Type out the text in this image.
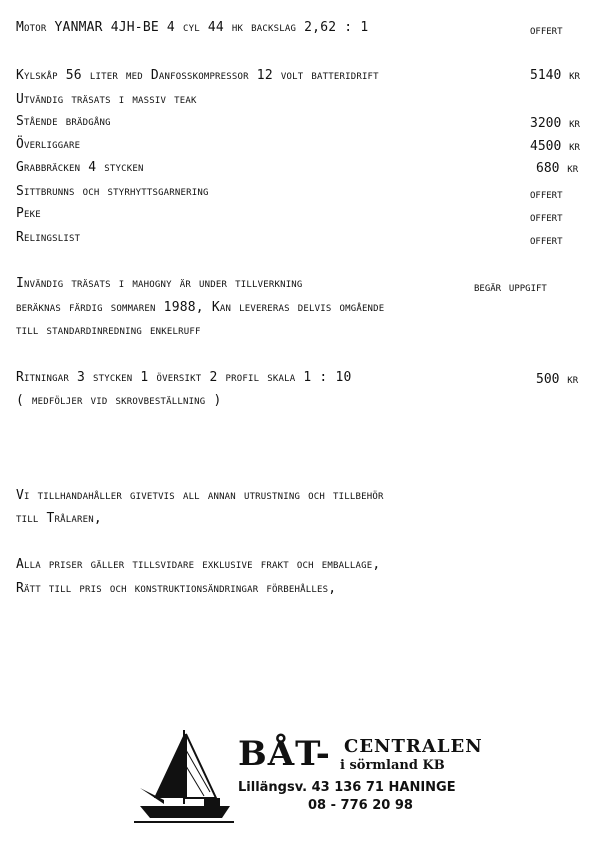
Motor YANMAR 4JH-BE 4 cyl 44 hk backslag 2,62 : 1	offert
Kylskåp 56 liter med Danfosskompressor 12 volt batteridrift	5140 kr
Utvändig träsats i massiv teak
Stående brädgång	3200 kr
Överliggare	4500 kr
Grabbräcken 4 stycken	680 kr
Sittbrunns och styrhyttsgarnering	offert
Peke	offert
Relingslist	offert
Invändig träsats i mahogny är under tillverkning	begär uppgift
beräknas färdig sommaren 1988, Kan levereras delvis omgående
till standardinredning enkelruff
Ritningar 3 stycken 1 översikt 2 profil skala 1 : 10	500 kr
( medföljer vid skrovbeställning )
Vi tillhandahåller givetvis all annan utrustning och tillbehör
till Trålaren,
Alla priser gäller tillsvidare exklusive frakt och emballage,
Rätt till pris och konstruktionsändringar förbehålles,
BÅT- CENTRALEN
i sörmland KB
Lillängsv. 43 136 71 HANINGE
08 - 776 20 98
